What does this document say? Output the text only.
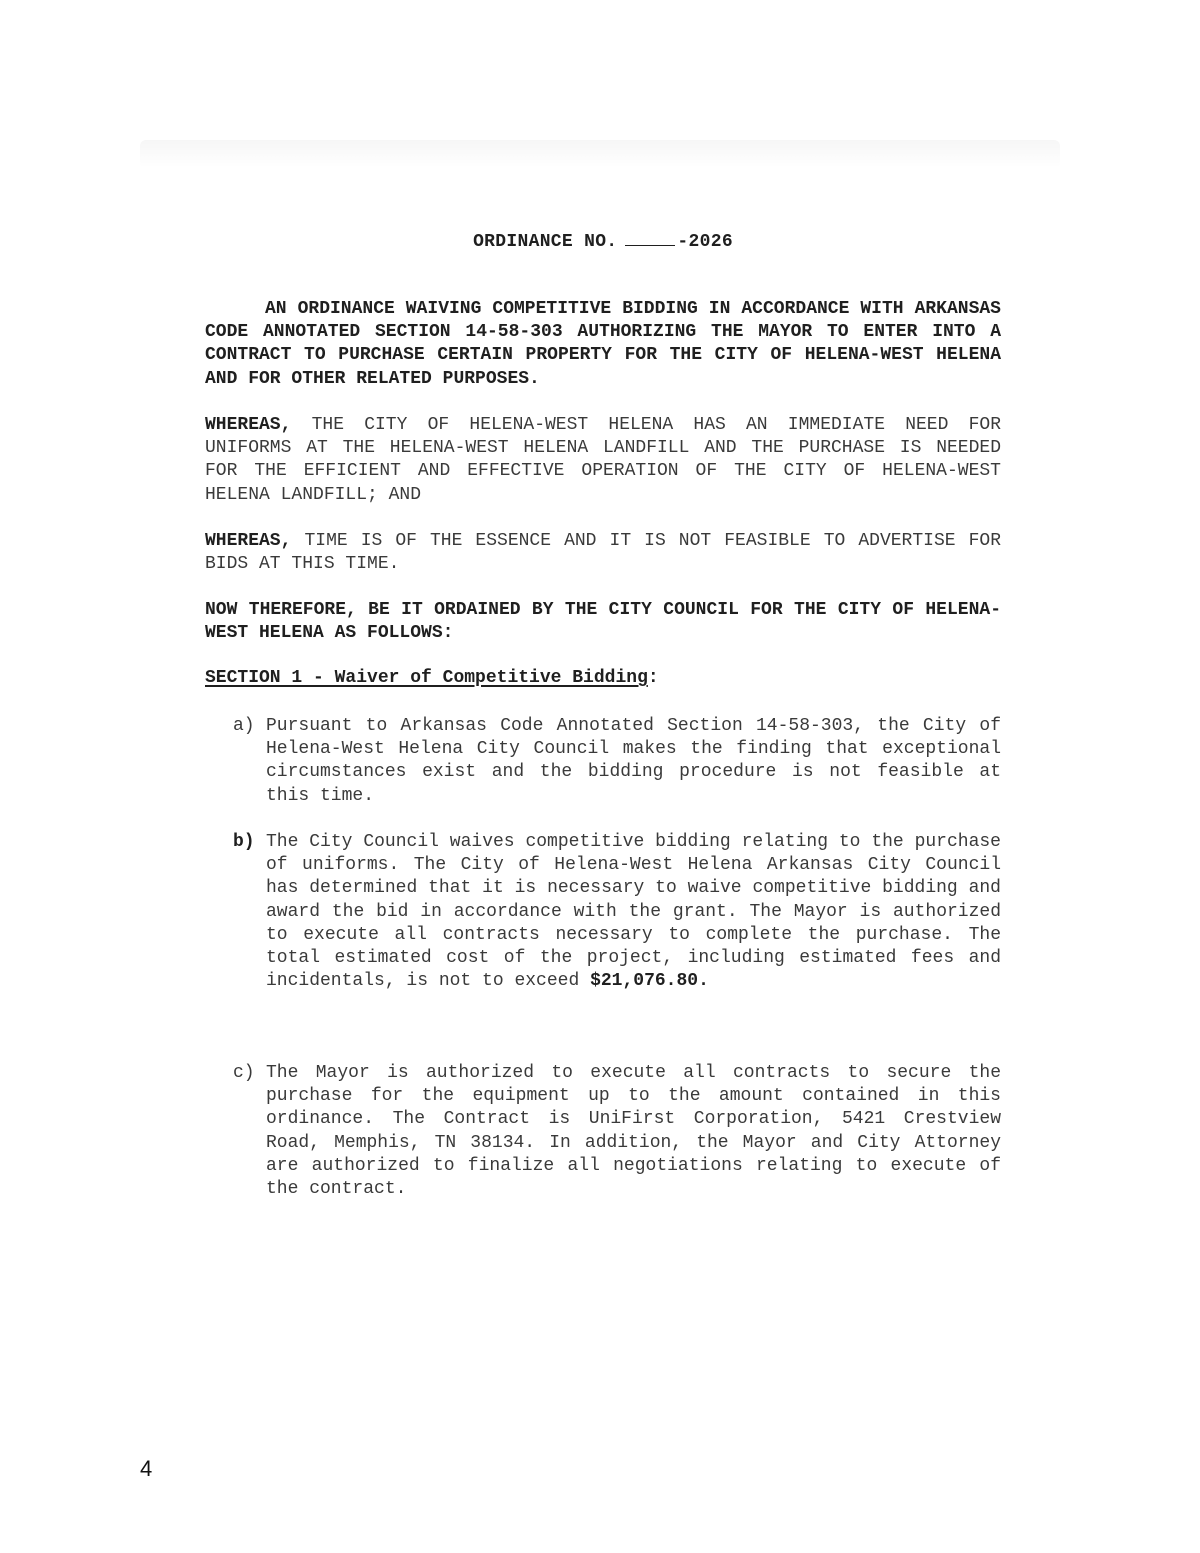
ORDINANCE NO.	-2026
AN ORDINANCE WAIVING COMPETITIVE BIDDING IN ACCORDANCE WITH ARKANSAS CODE ANNOTATED SECTION 14-58-303 AUTHORIZING THE MAYOR TO ENTER INTO A CONTRACT TO PURCHASE CERTAIN PROPERTY FOR THE CITY OF HELENA-WEST HELENA AND FOR OTHER RELATED PURPOSES.
WHEREAS, THE CITY OF HELENA-WEST HELENA HAS AN IMMEDIATE NEED FOR UNIFORMS AT THE HELENA-WEST HELENA LANDFILL AND THE PURCHASE IS NEEDED FOR THE EFFICIENT AND EFFECTIVE OPERATION OF THE CITY OF HELENA-WEST HELENA LANDFILL; AND
WHEREAS, TIME IS OF THE ESSENCE AND IT IS NOT FEASIBLE TO ADVERTISE FOR BIDS AT THIS TIME.
NOW THEREFORE, BE IT ORDAINED BY THE CITY COUNCIL FOR THE CITY OF HELENA-WEST HELENA AS FOLLOWS:
SECTION 1 - Waiver of Competitive Bidding:
a) Pursuant to Arkansas Code Annotated Section 14-58-303, the City of Helena-West Helena City Council makes the finding that exceptional circumstances exist and the bidding procedure is not feasible at this time.
b) The City Council waives competitive bidding relating to the purchase of uniforms. The City of Helena-West Helena Arkansas City Council has determined that it is necessary to waive competitive bidding and award the bid in accordance with the grant. The Mayor is authorized to execute all contracts necessary to complete the purchase. The total estimated cost of the project, including estimated fees and incidentals, is not to exceed $21,076.80.
c) The Mayor is authorized to execute all contracts to secure the purchase for the equipment up to the amount contained in this ordinance. The Contract is UniFirst Corporation, 5421 Crestview Road, Memphis, TN 38134. In addition, the Mayor and City Attorney are authorized to finalize all negotiations relating to execute of the contract.
4
